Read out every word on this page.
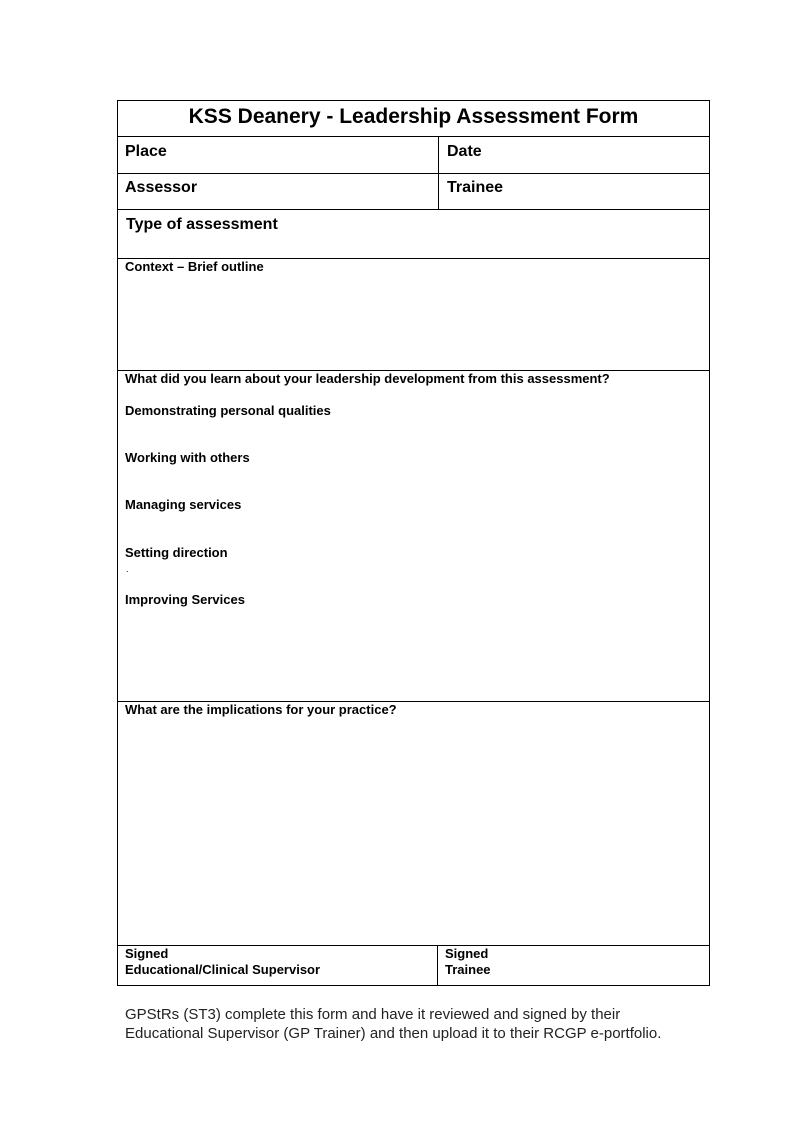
KSS Deanery - Leadership Assessment Form
Place	Date
Assessor	Trainee
Type of assessment
Context – Brief outline
What did you learn about your leadership development from this assessment?
Demonstrating personal qualities
Working with others
Managing services
Setting direction
.
Improving Services
What are the implications for your practice?
Signed
Educational/Clinical Supervisor
Signed
Trainee
GPStRs (ST3) complete this form and have it reviewed and signed by their Educational Supervisor (GP Trainer) and then upload it to their RCGP e-portfolio.
